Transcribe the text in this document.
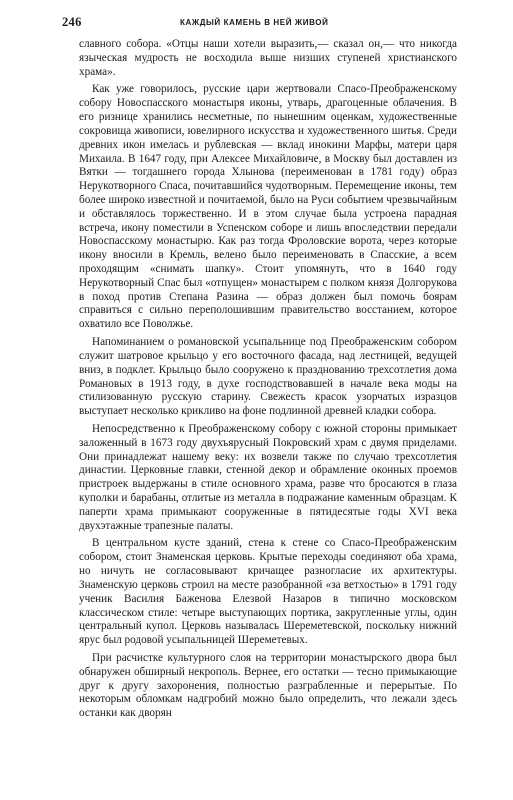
246	КАЖДЫЙ КАМЕНЬ В НЕЙ ЖИВОЙ

славного собора. «Отцы наши хотели выразить,— сказал он,— что никогда языческая мудрость не восходила выше низших ступеней христианского храма».

Как уже говорилось, русские цари жертвовали Спасо-Преображенскому собору Новоспасского монастыря иконы, утварь, драгоценные облачения. В его ризнице хранились несметные, по нынешним оценкам, художественные сокровища живописи, ювелирного искусства и художественного шитья. Среди древних икон имелась и рублевская — вклад инокини Марфы, матери царя Михаила. В 1647 году, при Алексее Михайловиче, в Москву был доставлен из Вятки — тогдашнего города Хлынова (переименован в 1781 году) образ Нерукотворного Спаса, почитавшийся чудотворным. Перемещение иконы, тем более широко известной и почитаемой, было на Руси событием чрезвычайным и обставлялось торжественно. И в этом случае была устроена парадная встреча, икону поместили в Успенском соборе и лишь впоследствии передали Новоспасскому монастырю. Как раз тогда Фроловские ворота, через которые икону вносили в Кремль, велено было переименовать в Спасские, а всем проходящим «снимать шапку». Стоит упомянуть, что в 1640 году Нерукотворный Спас был «отпущен» монастырем с полком князя Долгорукова в поход против Степана Разина — образ должен был помочь боярам справиться с сильно переполошившим правительство восстанием, которое охватило все Поволжье.

Напоминанием о романовской усыпальнице под Преображенским собором служит шатровое крыльцо у его восточного фасада, над лестницей, ведущей вниз, в подклет. Крыльцо было сооружено к празднованию трехсотлетия дома Романовых в 1913 году, в духе господствовавшей в начале века моды на стилизованную русскую старину. Свежесть красок узорчатых изразцов выступает несколько крикливо на фоне подлинной древней кладки собора.

Непосредственно к Преображенскому собору с южной стороны примыкает заложенный в 1673 году двухъярусный Покровский храм с двумя приделами. Они принадлежат нашему веку: их возвели также по случаю трехсотлетия династии. Церковные главки, стенной декор и обрамление оконных проемов пристроек выдержаны в стиле основного храма, разве что бросаются в глаза куполки и барабаны, отлитые из металла в подражание каменным образцам. К паперти храма примыкают сооруженные в пятидесятые годы XVI века двухэтажные трапезные палаты.

В центральном кусте зданий, стена к стене со Спасо-Преображенским собором, стоит Знаменская церковь. Крытые переходы соединяют оба храма, но ничуть не согласовывают кричащее разногласие их архитектуры. Знаменскую церковь строил на месте разобранной «за ветхостью» в 1791 году ученик Василия Баженова Елезвой Назаров в типично московском классическом стиле: четыре выступающих портика, закругленные углы, один центральный купол. Церковь называлась Шереметевской, поскольку нижний ярус был родовой усыпальницей Шереметевых.

При расчистке культурного слоя на территории монастырского двора был обнаружен обширный некрополь. Вернее, его остатки — тесно примыкающие друг к другу захоронения, полностью разграбленные и перерытые. По некоторым обломкам надгробий можно было определить, что лежали здесь останки как дворян
